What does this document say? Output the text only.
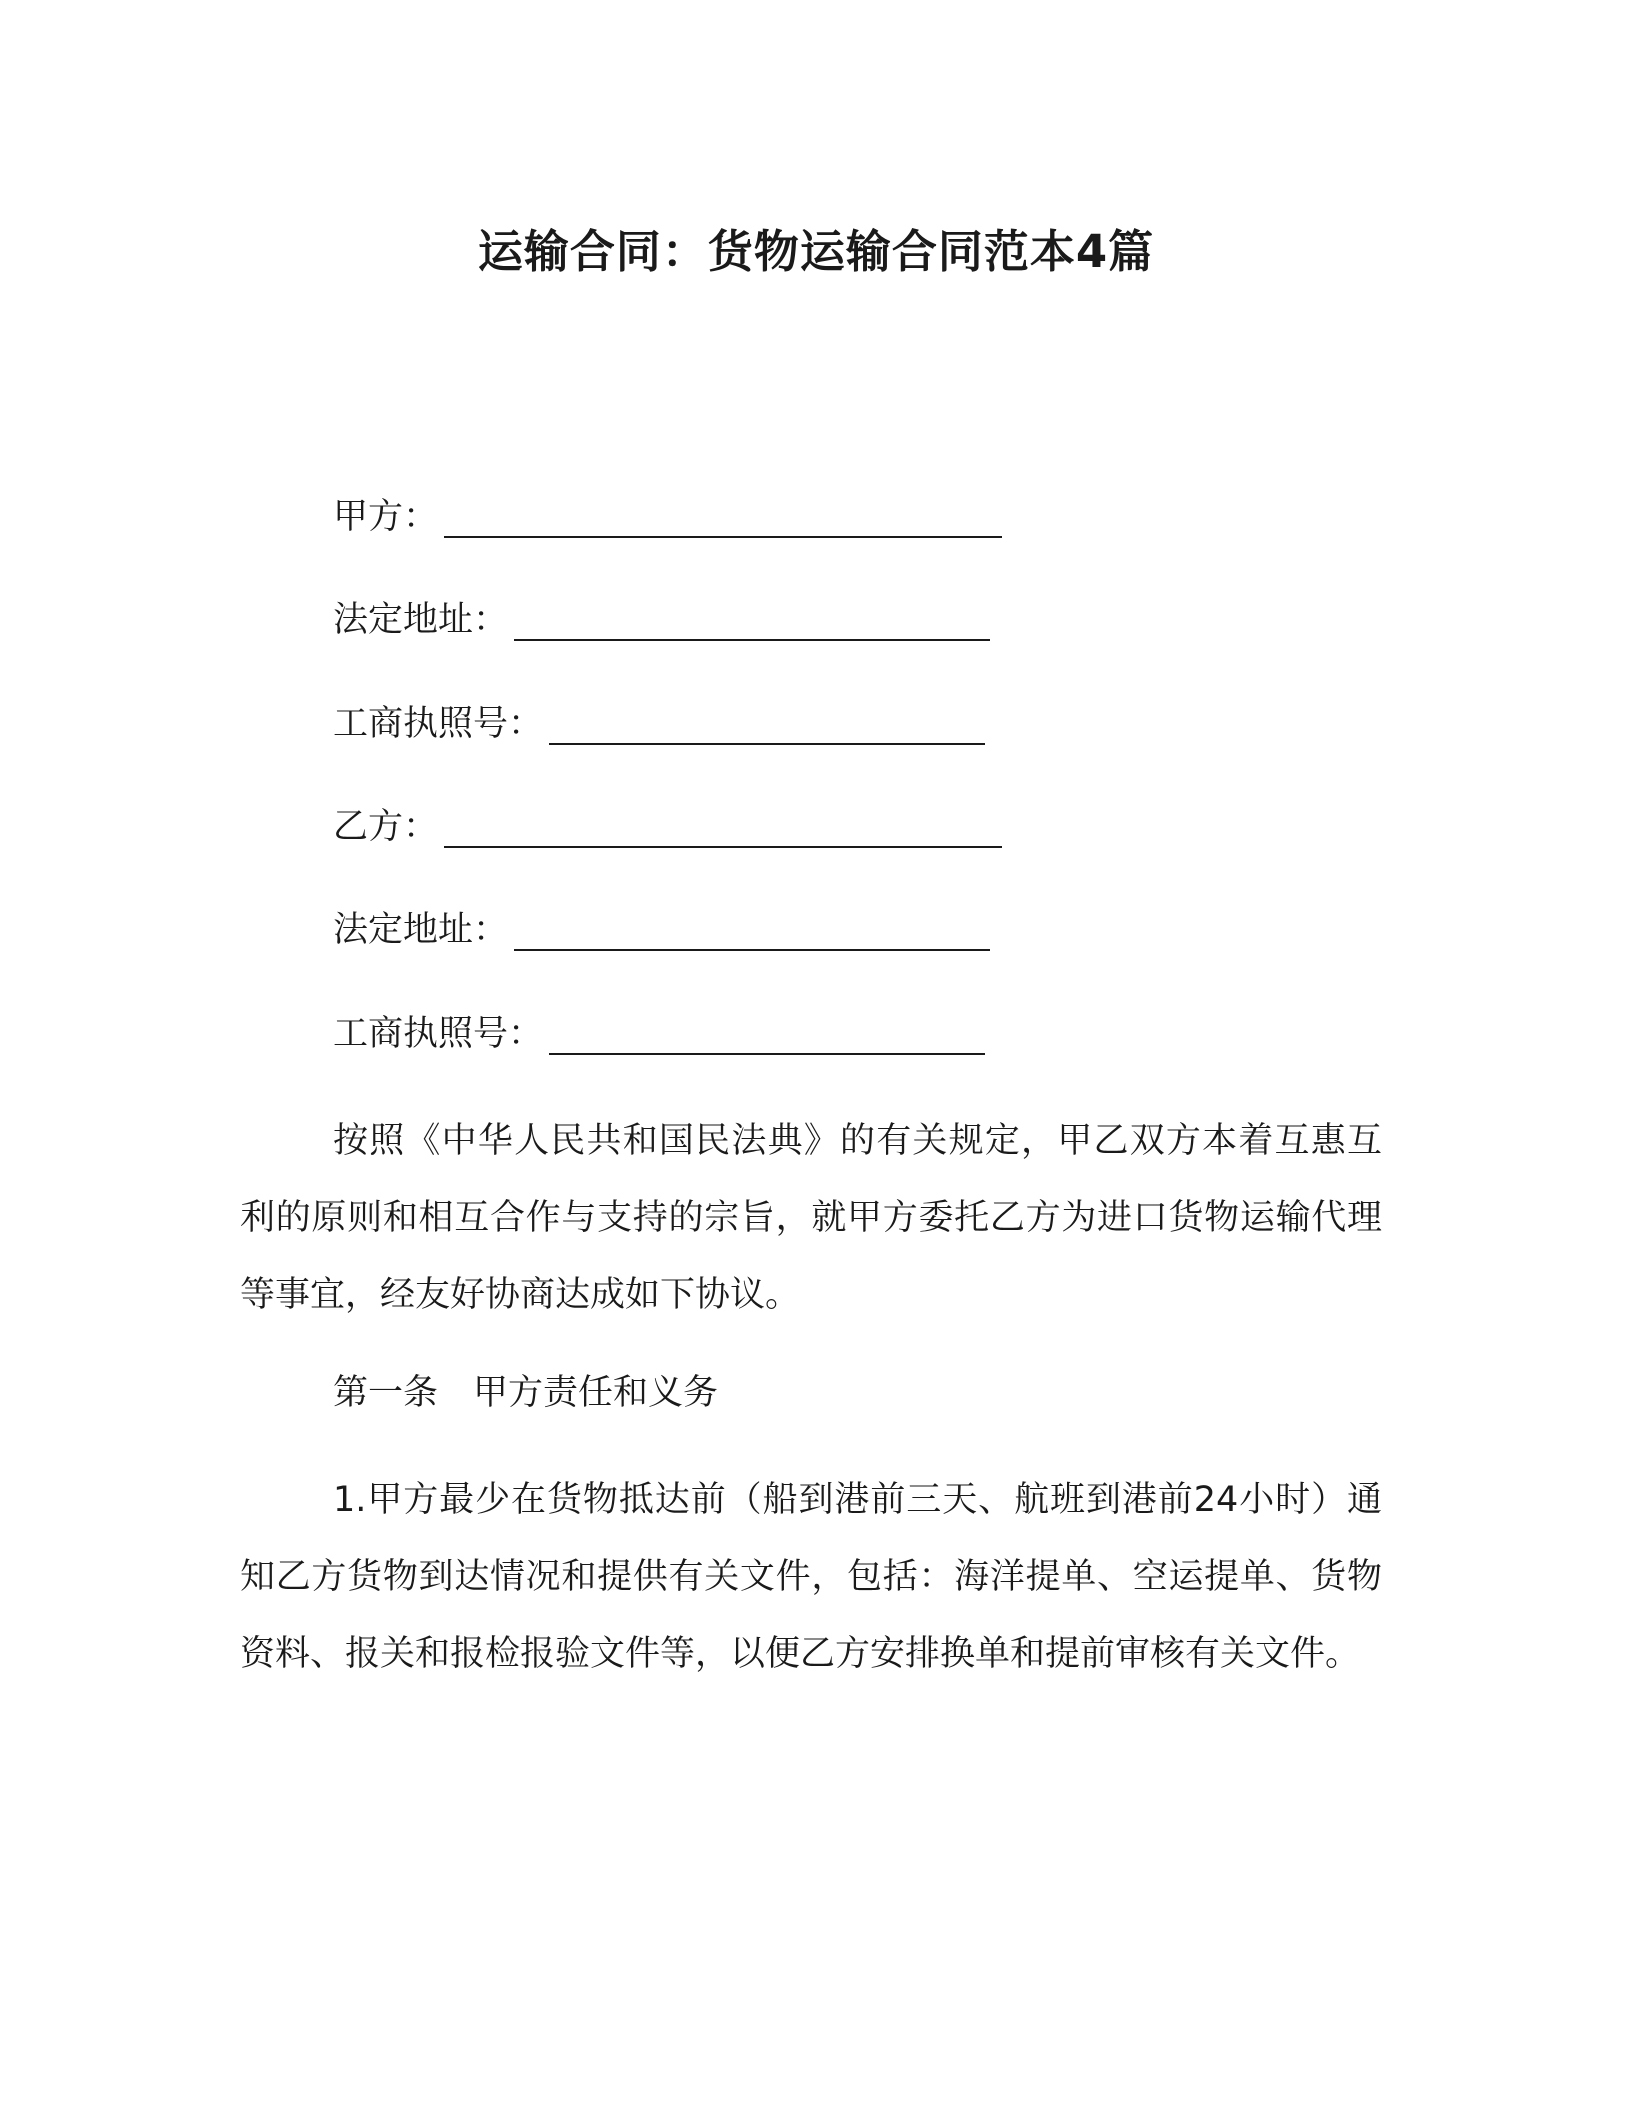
运输合同：货物运输合同范本4篇
甲方：
法定地址：
工商执照号：
乙方：
法定地址：
工商执照号：

按照《中华人民共和国民法典》的有关规定，甲乙双方本着互惠互利的原则和相互合作与支持的宗旨，就甲方委托乙方为进口货物运输代理等事宜，经友好协商达成如下协议。

第一条　甲方责任和义务

1.甲方最少在货物抵达前（船到港前三天、航班到港前24小时）通知乙方货物到达情况和提供有关文件，包括：海洋提单、空运提单、货物资料、报关和报检报验文件等，以便乙方安排换单和提前审核有关文件。
